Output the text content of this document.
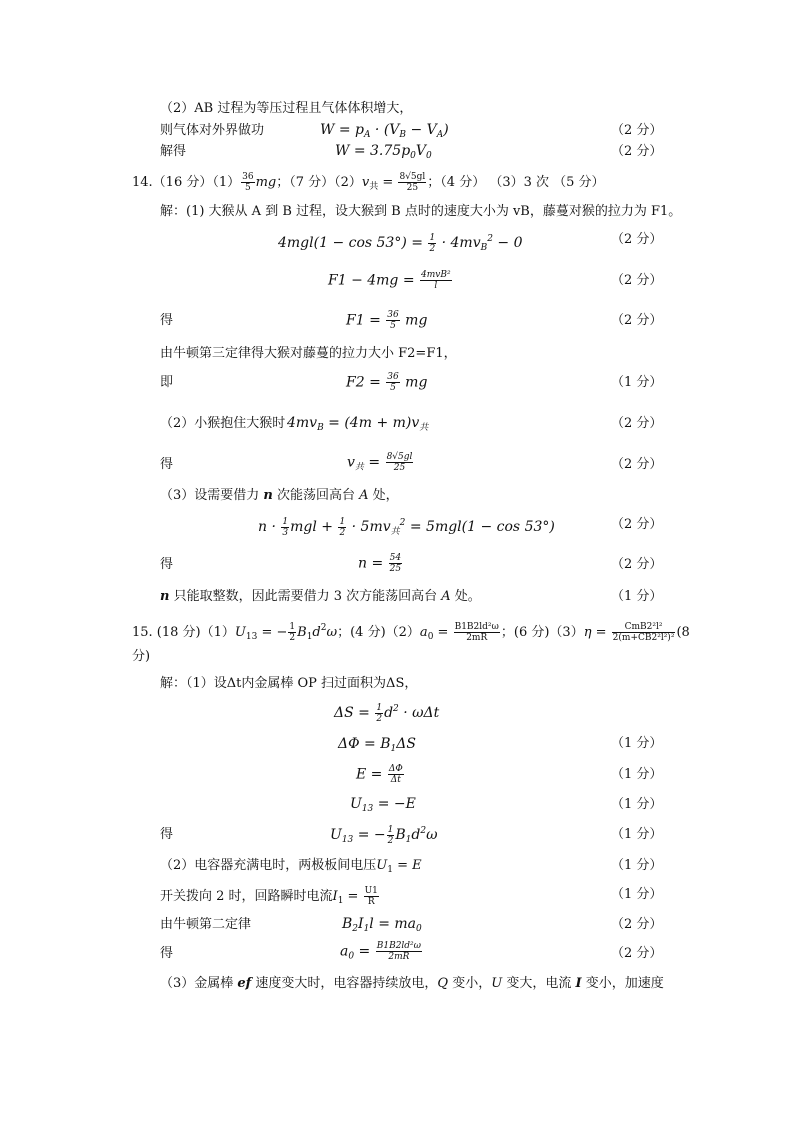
（2）AB 过程为等压过程且气体体积增大，
则气体对外界做功	$W = p_A \cdot (V_B - V_A)$	（2 分）
解得	$W = 3.75p_0V_0$	（2 分）
14.（16 分）$(1) \frac{36}{5}$ mg；（7 分）$(2)v_共 = \frac{8√5gl}{25}$ ；（4 分） （3）3 次 （5 分）
解：(1) 大猴从 A 到 B 过程，设大猴到 B 点时的速度大小为 vB，藤蔓对猴的拉力为 F1。
$4mgl(1 - \cos 53^\circ) = \frac{1}{2} \cdot 4mv_B^2 - 0$	（2 分）
$F1 - 4mg = \frac{\text{4mvB²}}{l}$	（2 分）
得	$F1 = \frac{36}{5}$ mg	（2 分）
由牛顿第三定律得大猴对藤蔓的拉力大小 F2=F1，
即	$F2 = \frac{36}{5}$ mg	（1 分）
（2）小猴抱住大猴时 $4mv_B = (4m + m)v_共$	（2 分）
得	$v_共 = \frac{8√5gl}{25}$	（2 分）
（3）设需要借力 n 次能荡回高台 A 处，
$n \cdot \frac{1}{3}$ mgl + $\frac{1}{2} \cdot 5mv_共^2 = 5mgl(1 - \cos 53^\circ)$	（2 分）
得	$n = \frac{54}{25}$	（2 分）
n 只能取整数，因此需要借力 3 次方能荡回高台 A 处。	（1 分）
15. (18 分)$(1)U_{13}$ = − $\frac{1}{2} B_1d^2\omega$；(4 分)$(2)a_0 = \frac{\text{B1B2ld²ω}}{2mR}$ ；(6 分)$(3)\eta = \frac{\text{CmB2²l²}}{\text{2(m+CB2²l²)²}} (8$
分)
解：（1）设Δt内金属棒 OP 扫过面积为ΔS，
$\Delta S = \frac{1}{2} d^2 \cdot \omega\Delta t$
$\Delta\Phi = B_1\Delta S$	（1 分）
$E = \frac{\Delta\Phi}{\Delta t}$	（1 分）
$U_{13} = -E$	（1 分）
得	$U_{13}$ = − $\frac{1}{2} B_1d^2\omega$	（1 分）
（2）电容器充满电时，两极板间电压$U_1 = E$	（1 分）
开关拨向 2 时，回路瞬时电流$I_1 = \frac{U1}{R}$	（1 分）
由牛顿第二定律	$B_2I_1l = ma_0$	（2 分）
得	$a_0 = \frac{\text{B1B2ld²ω}}{2mR}$	（2 分）
（3）金属棒 ef 速度变大时，电容器持续放电，Q 变小，U 变大，电流 I 变小，加速度
